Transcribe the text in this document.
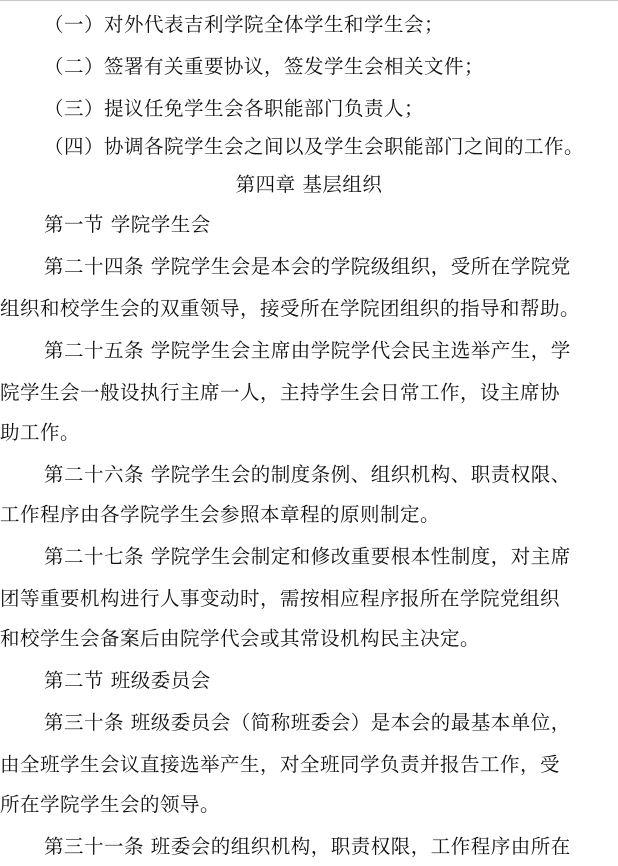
（一）对外代表吉利学院全体学生和学生会；
（二）签署有关重要协议，签发学生会相关文件；
（三）提议任免学生会各职能部门负责人；
（四）协调各院学生会之间以及学生会职能部门之间的工作。
第四章 基层组织
第一节 学院学生会
第二十四条 学院学生会是本会的学院级组织，受所在学院党
组织和校学生会的双重领导，接受所在学院团组织的指导和帮助。
第二十五条 学院学生会主席由学院学代会民主选举产生，学
院学生会一般设执行主席一人，主持学生会日常工作，设主席协
助工作。
第二十六条 学院学生会的制度条例、组织机构、职责权限、
工作程序由各学院学生会参照本章程的原则制定。
第二十七条 学院学生会制定和修改重要根本性制度，对主席
团等重要机构进行人事变动时，需按相应程序报所在学院党组织
和校学生会备案后由院学代会或其常设机构民主决定。
第二节 班级委员会
第三十条 班级委员会（简称班委会）是本会的最基本单位，
由全班学生会议直接选举产生，对全班同学负责并报告工作，受
所在学院学生会的领导。
第三十一条 班委会的组织机构，职责权限，工作程序由所在
